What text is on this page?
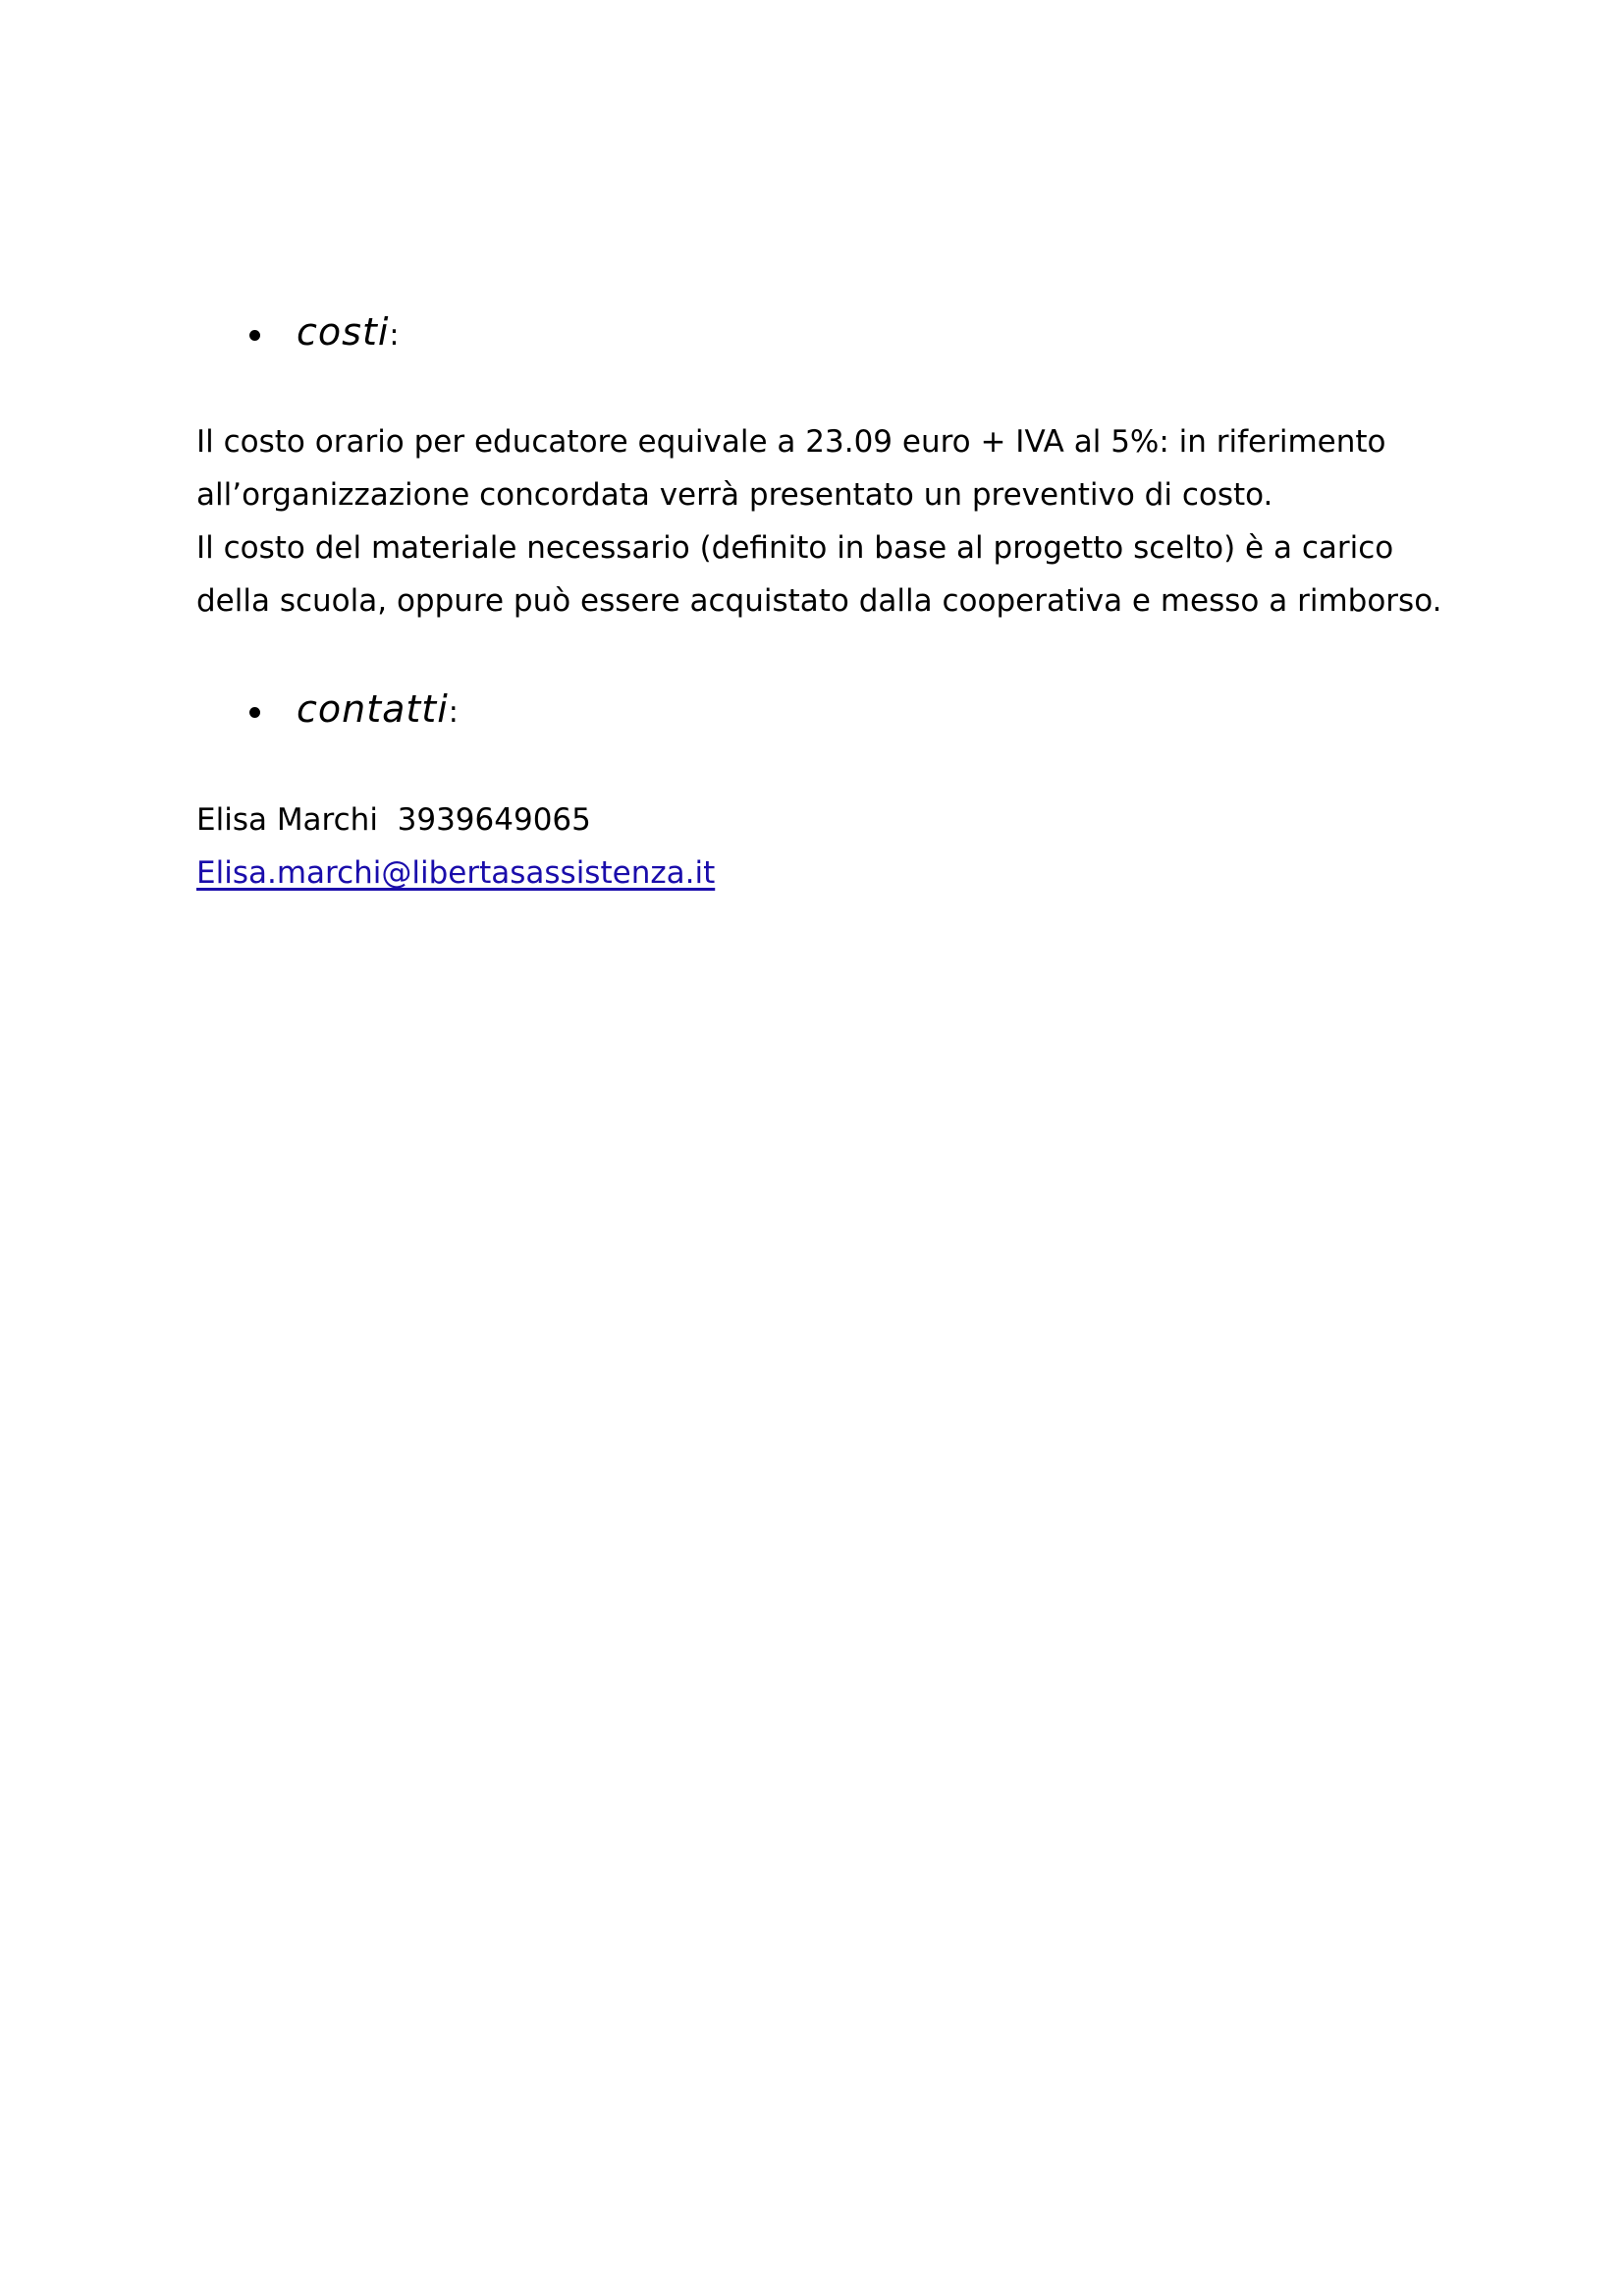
costi:
Il costo orario per educatore equivale a 23.09 euro + IVA al 5%: in riferimento
all’organizzazione concordata verrà presentato un preventivo di costo.
Il costo del materiale necessario (definito in base al progetto scelto) è a carico
della scuola, oppure può essere acquistato dalla cooperativa e messo a rimborso.
contatti:
Elisa Marchi  3939649065
Elisa.marchi@libertasassistenza.it
